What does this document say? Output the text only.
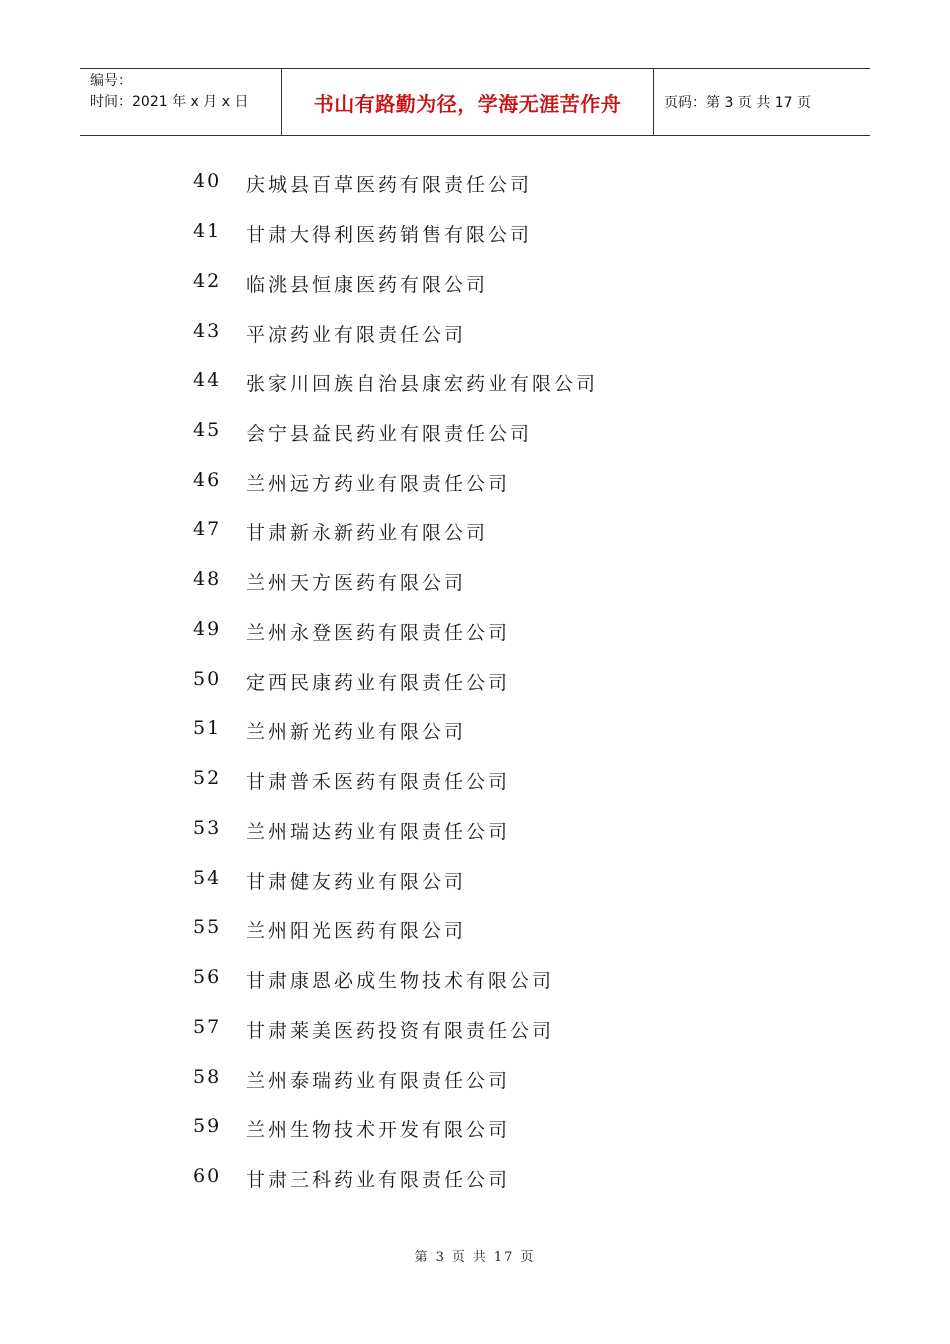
编号：
时间：2021 年 x 月 x 日	书山有路勤为径，学海无涯苦作舟	页码：第 3 页 共 17 页
40 庆城县百草医药有限责任公司
41 甘肃大得利医药销售有限公司
42 临洮县恒康医药有限公司
43 平凉药业有限责任公司
44 张家川回族自治县康宏药业有限公司
45 会宁县益民药业有限责任公司
46 兰州远方药业有限责任公司
47 甘肃新永新药业有限公司
48 兰州天方医药有限公司
49 兰州永登医药有限责任公司
50 定西民康药业有限责任公司
51 兰州新光药业有限公司
52 甘肃普禾医药有限责任公司
53 兰州瑞达药业有限责任公司
54 甘肃健友药业有限公司
55 兰州阳光医药有限公司
56 甘肃康恩必成生物技术有限公司
57 甘肃莱美医药投资有限责任公司
58 兰州泰瑞药业有限责任公司
59 兰州生物技术开发有限公司
60 甘肃三科药业有限责任公司
第 3 页 共 17 页
